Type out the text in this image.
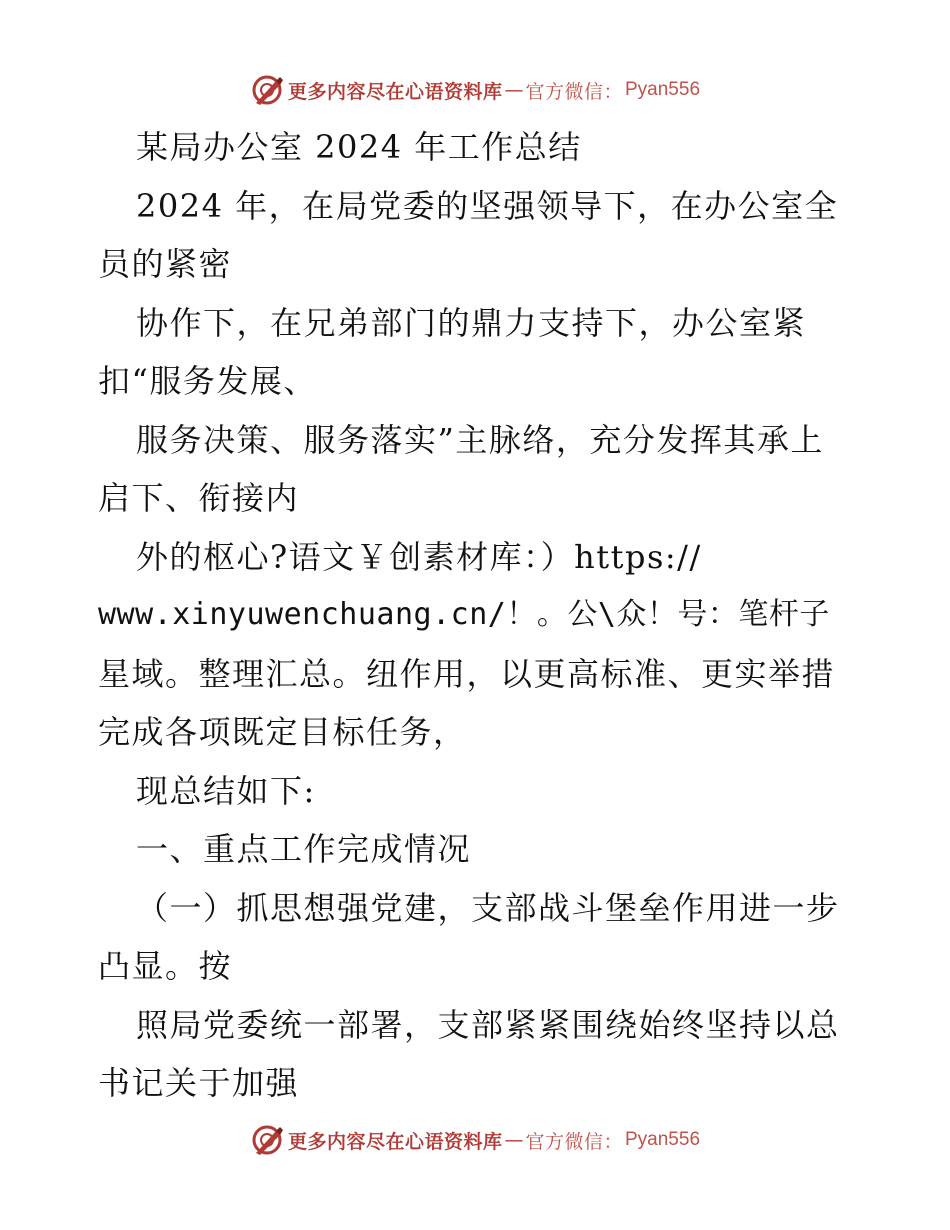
更多内容尽在心语资料库 — 官方微信： Pyan556
某局办公室 2024 年工作总结
2024 年，在局党委的坚强领导下，在办公室全
员的紧密
协作下，在兄弟部门的鼎力支持下，办公室紧
扣“服务发展、
服务决策、服务落实”主脉络，充分发挥其承上
启下、衔接内
外的枢心?语文￥创素材库：）https://
www.xinyuwenchuang.cn/！。公\众！号：笔杆子
星域。整理汇总。纽作用，以更高标准、更实举措
完成各项既定目标任务，
现总结如下:
一、重点工作完成情况
（一）抓思想强党建，支部战斗堡垒作用进一步
凸显。按
照局党委统一部署，支部紧紧围绕始终坚持以总
书记关于加强
更多内容尽在心语资料库 — 官方微信： Pyan556
